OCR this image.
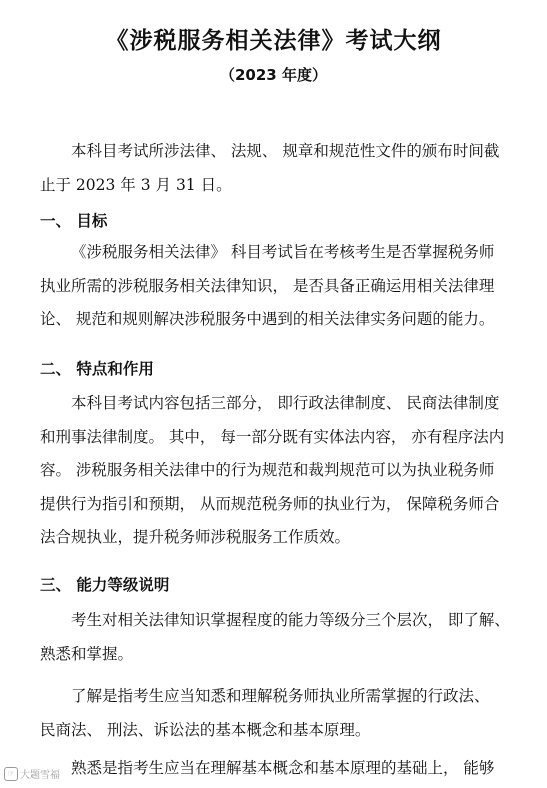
《涉税服务相关法律》考试大纲
（2023 年度）
本科目考试所涉法律、 法规、 规章和规范性文件的颁布时间截
止于 2023 年 3 月 31 日。
一、 目标
《涉税服务相关法律》 科目考试旨在考核考生是否掌握税务师
执业所需的涉税服务相关法律知识， 是否具备正确运用相关法律理
论、 规范和规则解决涉税服务中遇到的相关法律实务问题的能力。
二、 特点和作用
本科目考试内容包括三部分， 即行政法律制度、 民商法律制度
和刑事法律制度。 其中， 每一部分既有实体法内容， 亦有程序法内
容。 涉税服务相关法律中的行为规范和裁判规范可以为执业税务师
提供行为指引和预期， 从而规范税务师的执业行为， 保障税务师合
法合规执业，提升税务师涉税服务工作质效。
三、 能力等级说明
考生对相关法律知识掌握程度的能力等级分三个层次， 即了解、
熟悉和掌握。
了解是指考生应当知悉和理解税务师执业所需掌握的行政法、
民商法、 刑法、诉讼法的基本概念和基本原理。
熟悉是指考生应当在理解基本概念和基本原理的基础上， 能够
☞ 大题雪福
